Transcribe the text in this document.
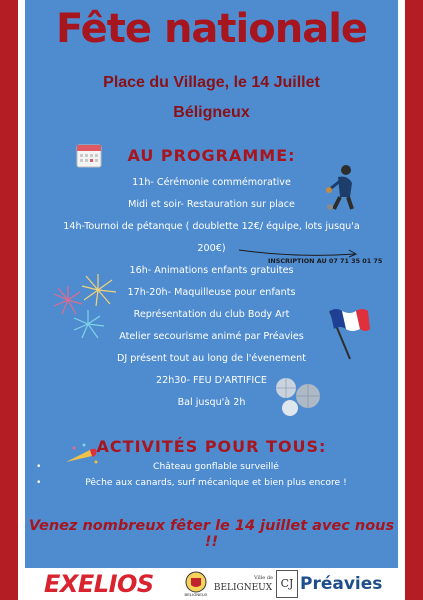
Fête nationale
Place du Village, le 14 Juillet
Béligneux
AU PROGRAMME:
11h- Cérémonie commémorative
Midi et soir- Restauration sur place
14h-Tournoi de pétanque ( doublette 12€/ équipe, lots jusqu'a
200€)
16h- Animations enfants gratuites
17h-20h- Maquilleuse pour enfants
Représentation du club Body Art
Atelier secourisme animé par Préavies
DJ présent tout au long de l'évenement
22h30- FEU D'ARTIFICE
Bal jusqu'à 2h
INSCRIPTION AU 07 71 35 01 75
ACTIVITÉS POUR TOUS:
•	Château gonflable surveillé
•	Pêche aux canards, surf mécanique et bien plus encore !
Venez nombreux fêter le 14 juillet avec nous !!
EXELIOS	BELIGNEUX
Ville de
BELIGNEUX CJ Préavies
